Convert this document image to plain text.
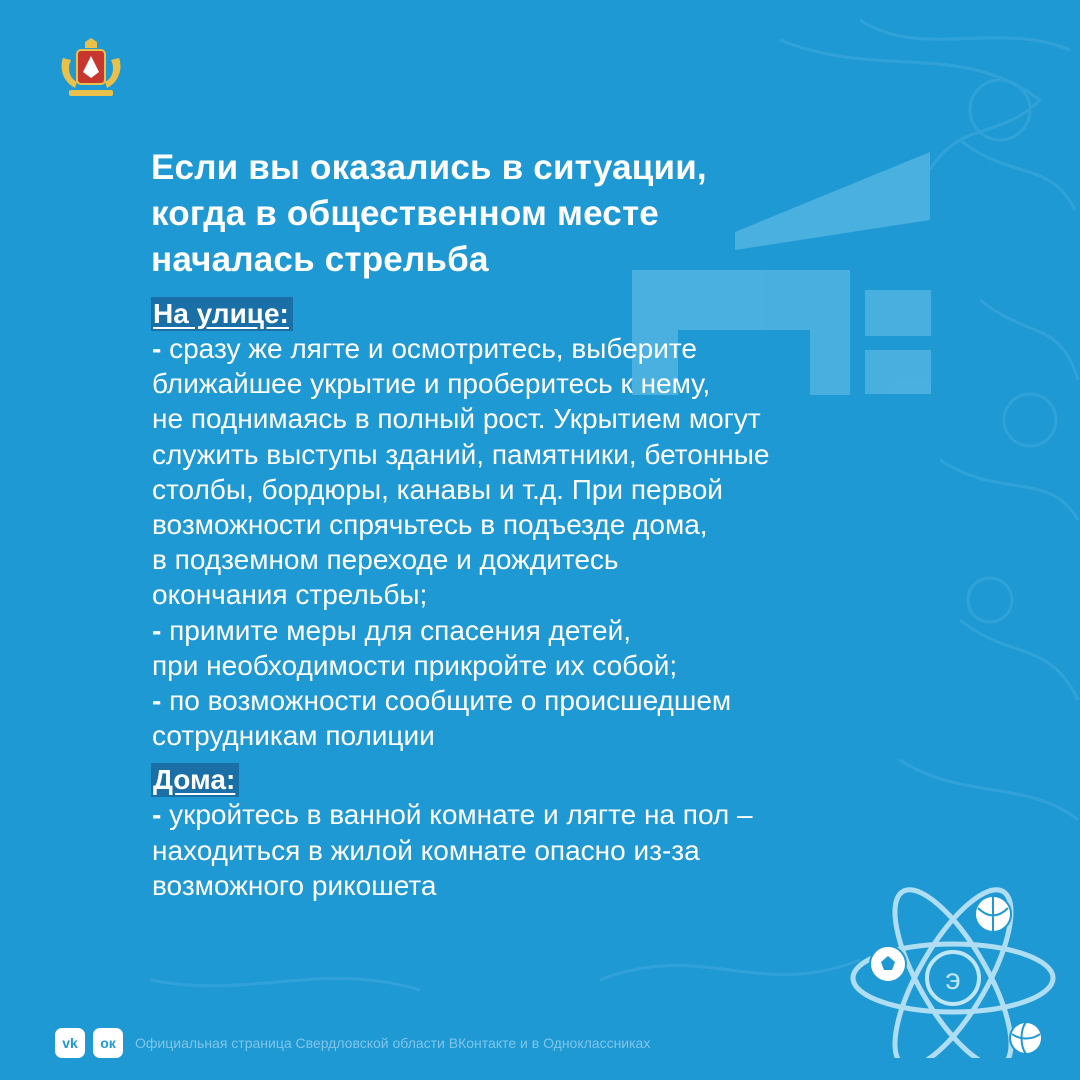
Если вы оказались в ситуации,
когда в общественном месте
началась стрельба
На улице:
- сразу же лягте и осмотритесь, выберите
ближайшее укрытие и проберитесь к нему,
не поднимаясь в полный рост. Укрытием могут
служить выступы зданий, памятники, бетонные
столбы, бордюры, канавы и т.д. При первой
возможности спрячьтесь в подъезде дома,
в подземном переходе и дождитесь
окончания стрельбы;
- примите меры для спасения детей,
при необходимости прикройте их собой;
- по возможности сообщите о происшедшем
сотрудникам полиции
Дома:
- укройтесь в ванной комнате и лягте на пол –
находиться в жилой комнате опасно из-за
возможного рикошета
э
vk ок Официальная страница Свердловской области ВКонтакте и в Одноклассниках
